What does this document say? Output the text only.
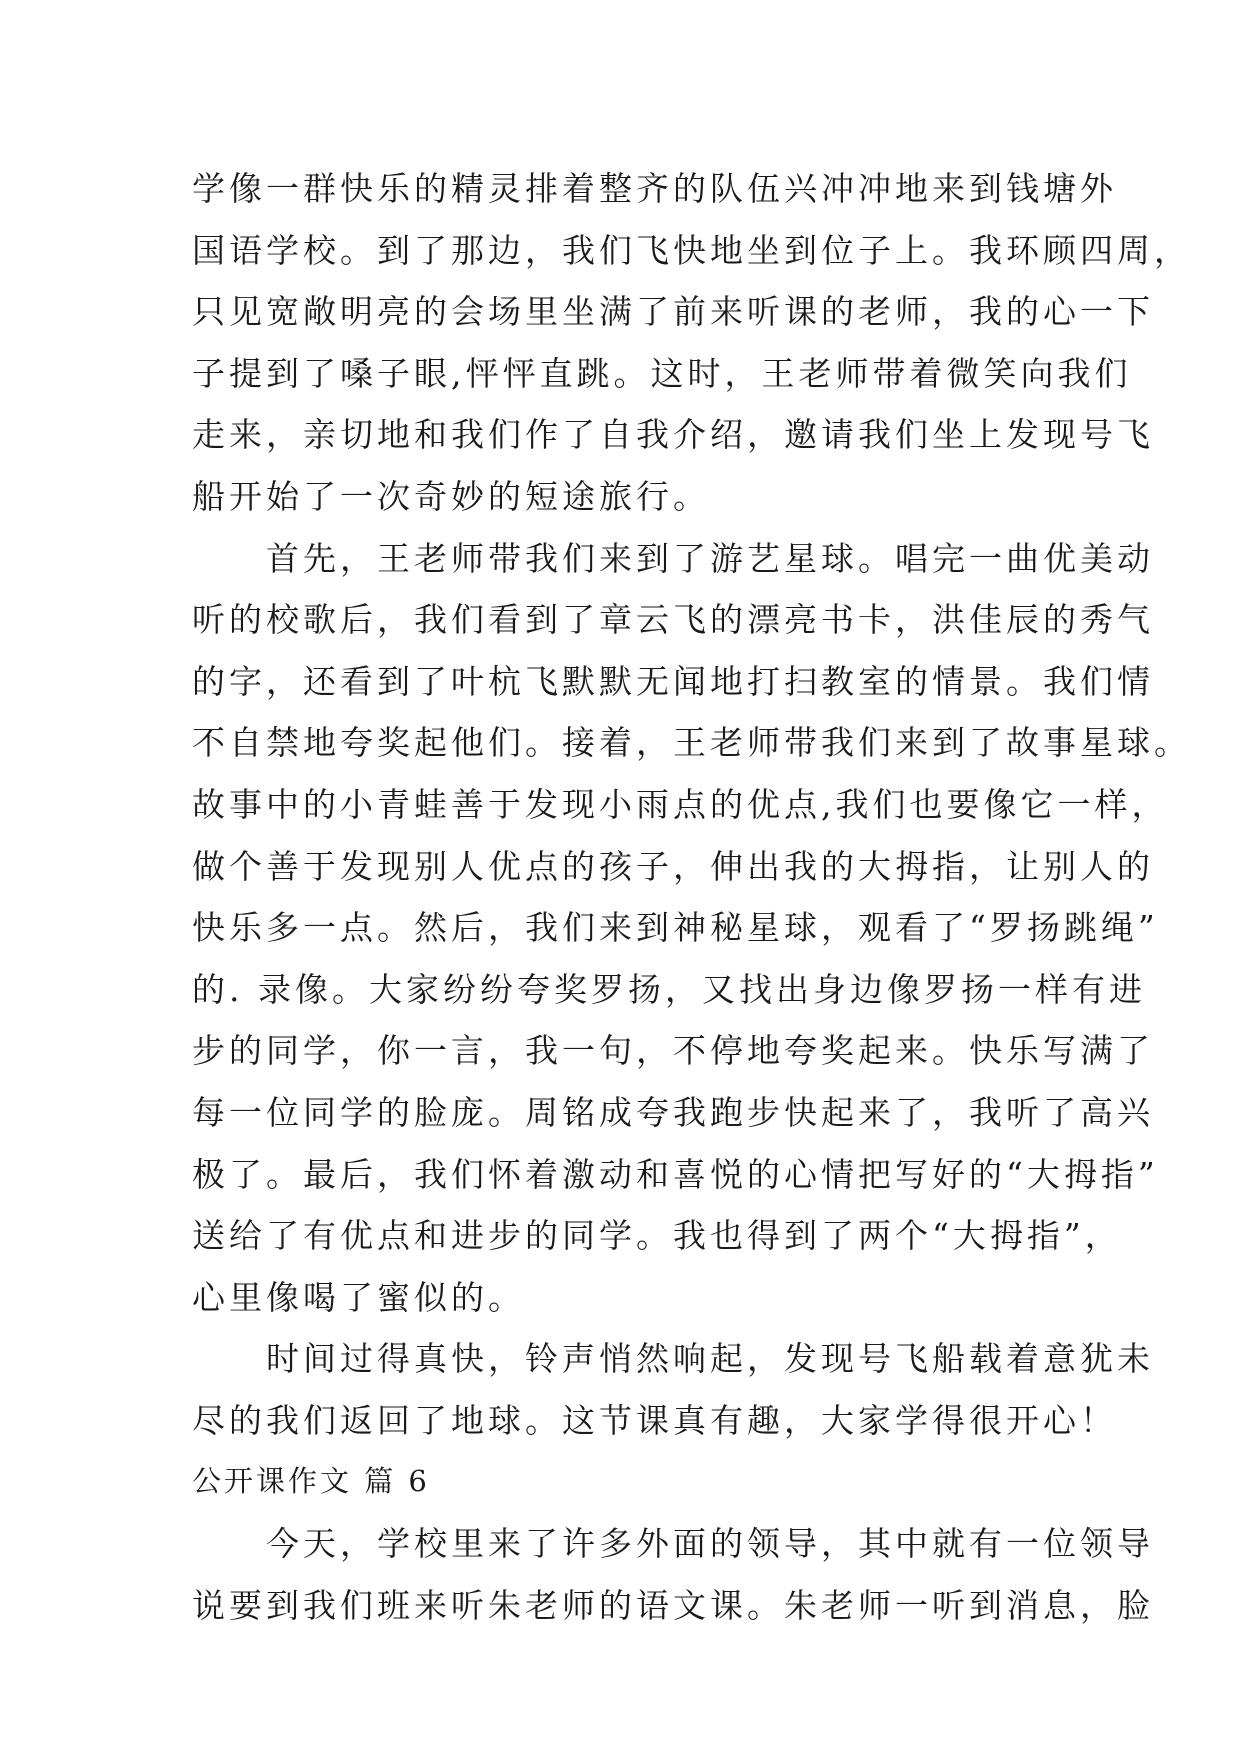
学像一群快乐的精灵排着整齐的队伍兴冲冲地来到钱塘外
国语学校。到了那边，我们飞快地坐到位子上。我环顾四周，
只见宽敞明亮的会场里坐满了前来听课的老师，我的心一下
子提到了嗓子眼,怦怦直跳。这时，王老师带着微笑向我们
走来，亲切地和我们作了自我介绍，邀请我们坐上发现号飞
船开始了一次奇妙的短途旅行。
首先，王老师带我们来到了游艺星球。唱完一曲优美动
听的校歌后，我们看到了章云飞的漂亮书卡，洪佳辰的秀气
的字，还看到了叶杭飞默默无闻地打扫教室的情景。我们情
不自禁地夸奖起他们。接着，王老师带我们来到了故事星球。
故事中的小青蛙善于发现小雨点的优点,我们也要像它一样，
做个善于发现别人优点的孩子，伸出我的大拇指，让别人的
快乐多一点。然后，我们来到神秘星球，观看了“罗扬跳绳”
的. 录像。大家纷纷夸奖罗扬，又找出身边像罗扬一样有进
步的同学，你一言，我一句，不停地夸奖起来。快乐写满了
每一位同学的脸庞。周铭成夸我跑步快起来了，我听了高兴
极了。最后，我们怀着激动和喜悦的心情把写好的“大拇指”
送给了有优点和进步的同学。我也得到了两个“大拇指”，
心里像喝了蜜似的。
时间过得真快，铃声悄然响起，发现号飞船载着意犹未
尽的我们返回了地球。这节课真有趣，大家学得很开心！
公开课作文 篇 6
今天，学校里来了许多外面的领导，其中就有一位领导
说要到我们班来听朱老师的语文课。朱老师一听到消息，脸
